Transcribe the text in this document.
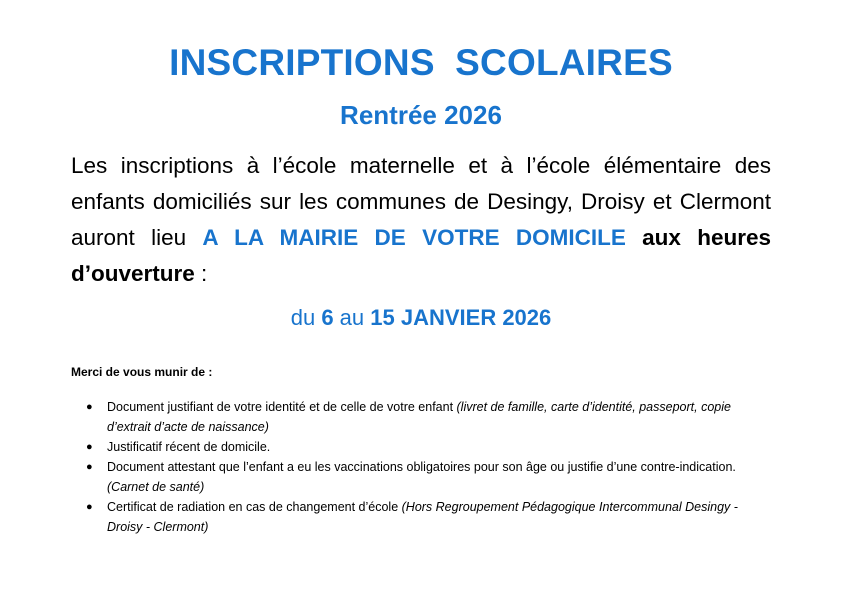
INSCRIPTIONS SCOLAIRES
Rentrée 2026
Les inscriptions à l’école maternelle et à l’école élémentaire des enfants domiciliés sur les communes de Desingy, Droisy et Clermont auront lieu A LA MAIRIE DE VOTRE DOMICILE aux heures d’ouverture :
du 6 au 15 JANVIER 2026
Merci de vous munir de :
● Document justifiant de votre identité et de celle de votre enfant (livret de famille, carte d’identité, passeport, copie d’extrait d’acte de naissance)
● Justificatif récent de domicile.
● Document attestant que l’enfant a eu les vaccinations obligatoires pour son âge ou justifie d’une contre-indication. (Carnet de santé)
● Certificat de radiation en cas de changement d’école (Hors Regroupement Pédagogique Intercommunal Desingy - Droisy - Clermont)
